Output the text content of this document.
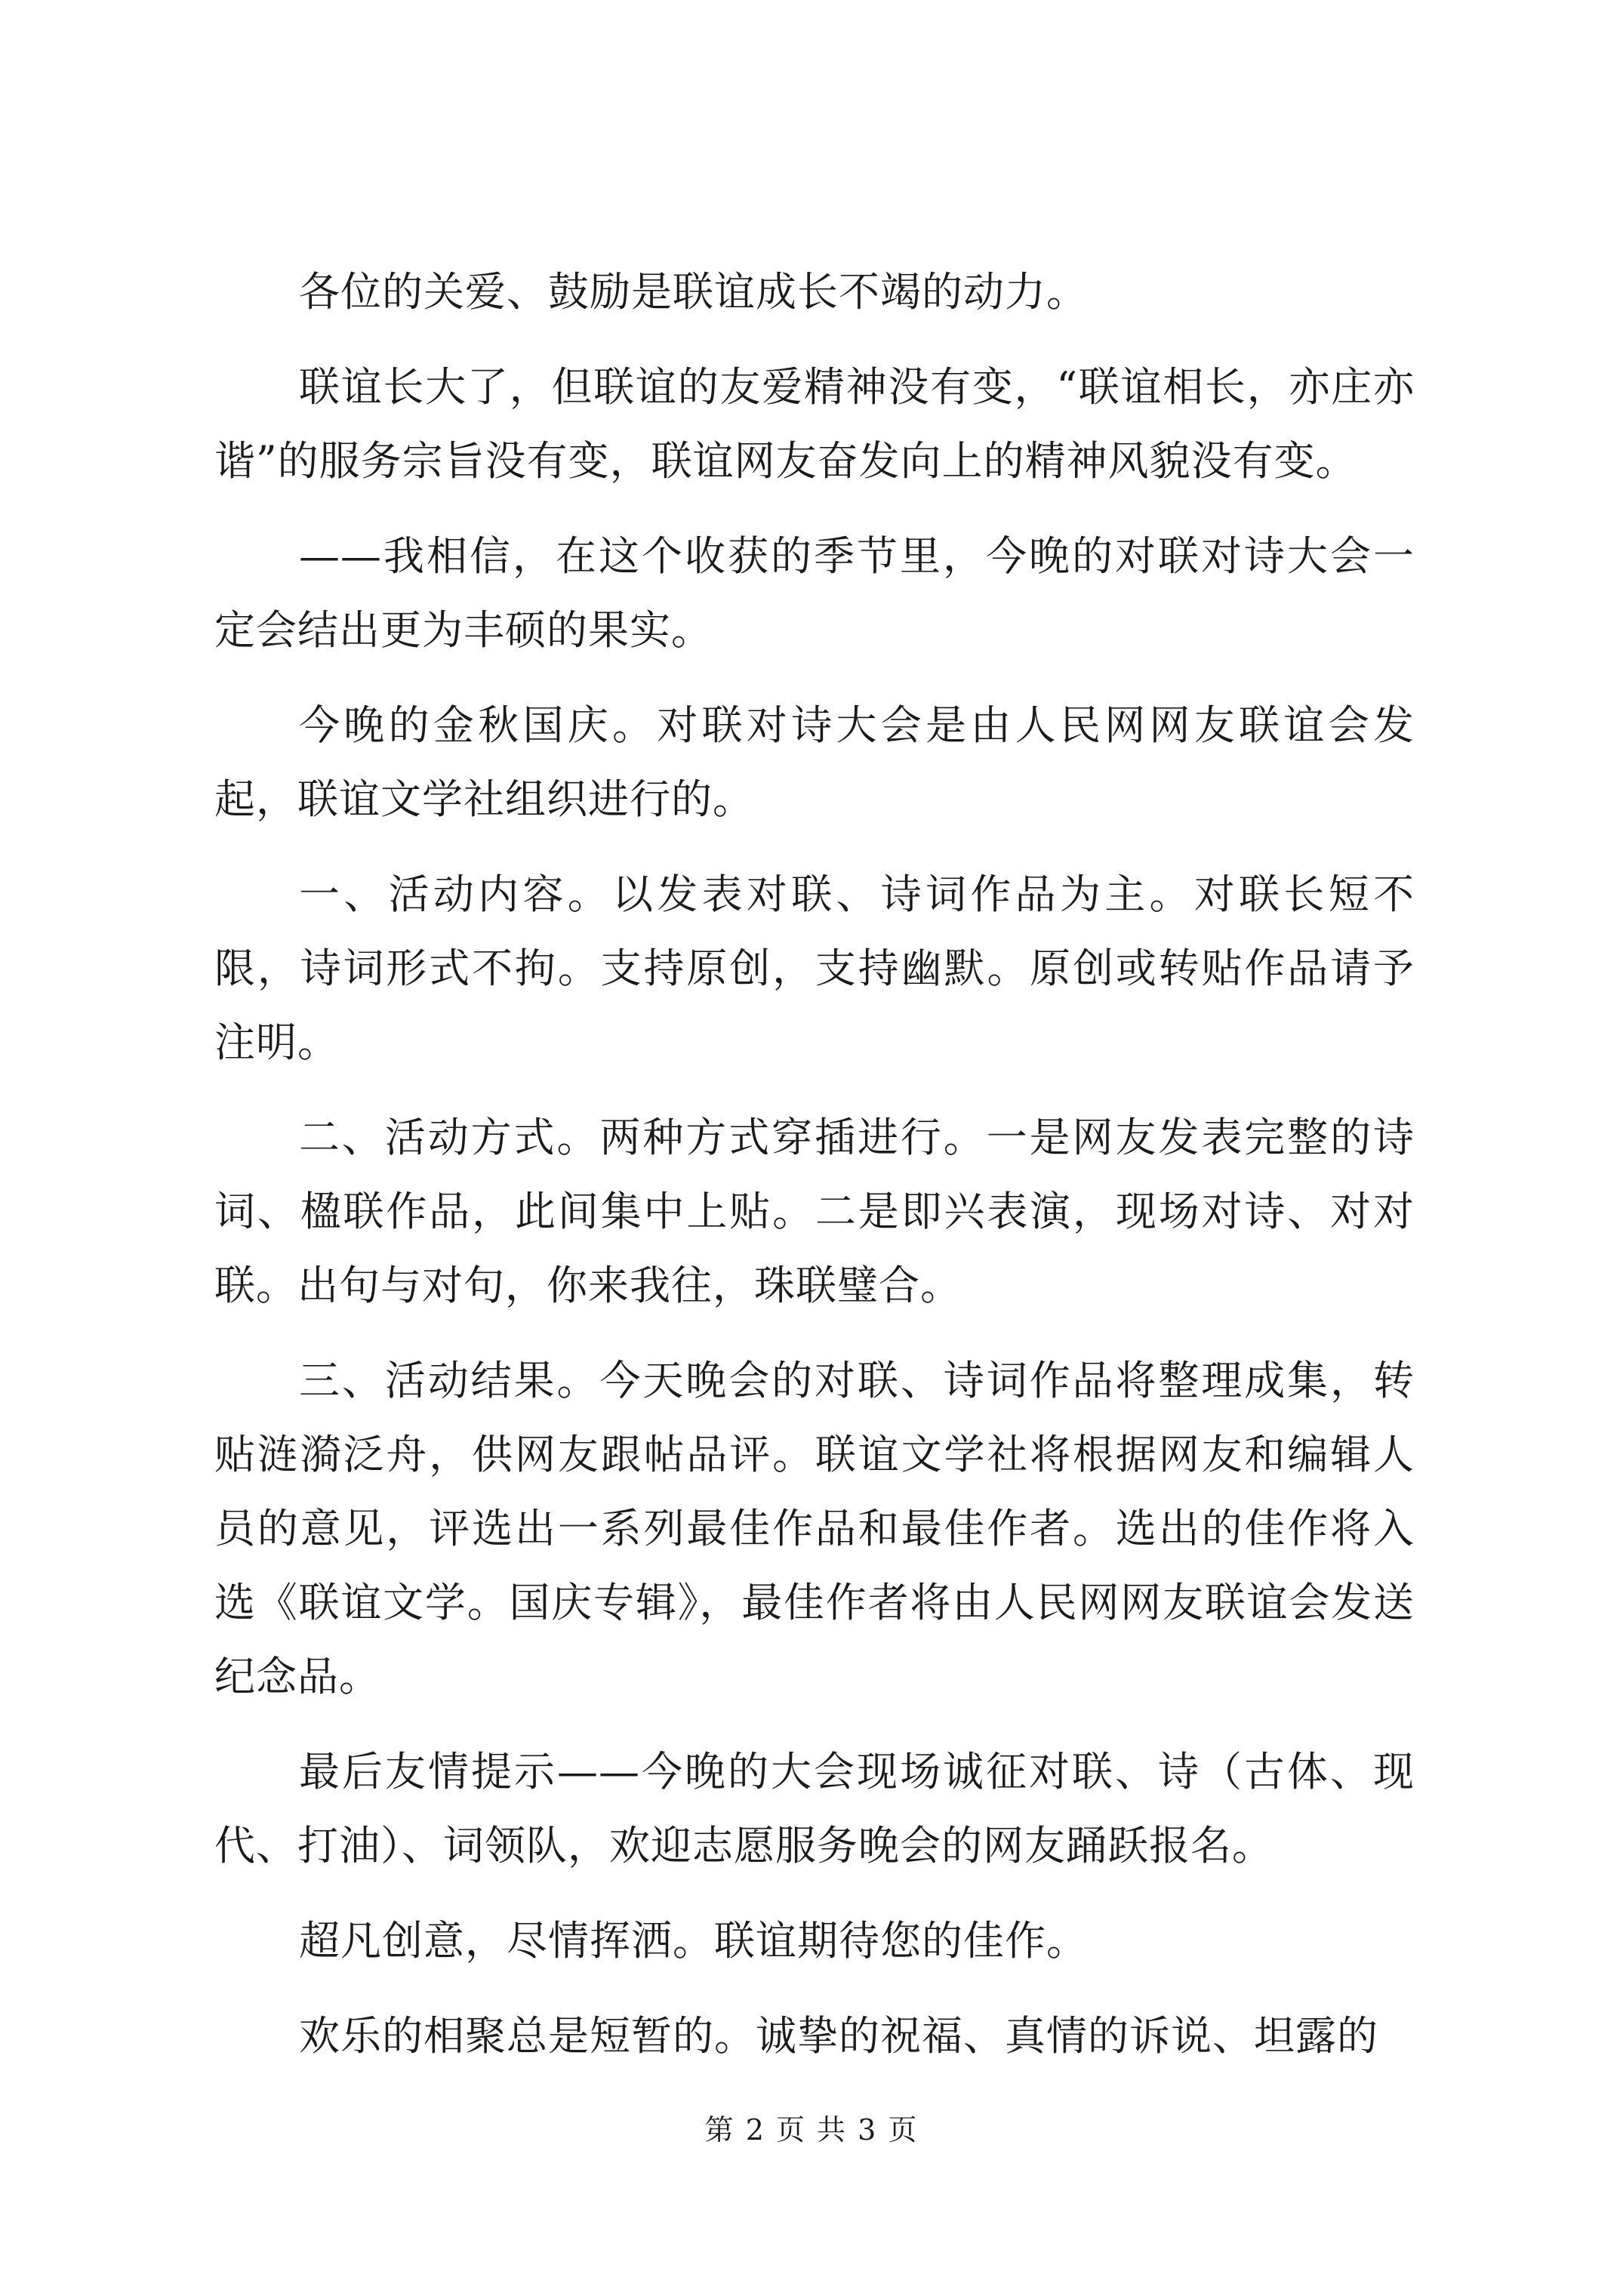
各位的关爱、鼓励是联谊成长不竭的动力。

联谊长大了，但联谊的友爱精神没有变，“联谊相长，亦庄亦谐”的服务宗旨没有变，联谊网友奋发向上的精神风貌没有变。

——我相信，在这个收获的季节里，今晚的对联对诗大会一定会结出更为丰硕的果实。

今晚的金秋国庆。对联对诗大会是由人民网网友联谊会发起，联谊文学社组织进行的。

一、活动内容。以发表对联、诗词作品为主。对联长短不限，诗词形式不拘。支持原创，支持幽默。原创或转贴作品请予注明。

二、活动方式。两种方式穿插进行。一是网友发表完整的诗词、楹联作品，此间集中上贴。二是即兴表演，现场对诗、对对联。出句与对句，你来我往，珠联璧合。

三、活动结果。今天晚会的对联、诗词作品将整理成集，转贴涟漪泛舟，供网友跟帖品评。联谊文学社将根据网友和编辑人员的意见，评选出一系列最佳作品和最佳作者。选出的佳作将入选《联谊文学。国庆专辑》，最佳作者将由人民网网友联谊会发送纪念品。

最后友情提示——今晚的大会现场诚征对联、诗（古体、现代、打油）、词领队，欢迎志愿服务晚会的网友踊跃报名。

超凡创意，尽情挥洒。联谊期待您的佳作。

欢乐的相聚总是短暂的。诚挚的祝福、真情的诉说、坦露的

第 2 页 共 3 页
